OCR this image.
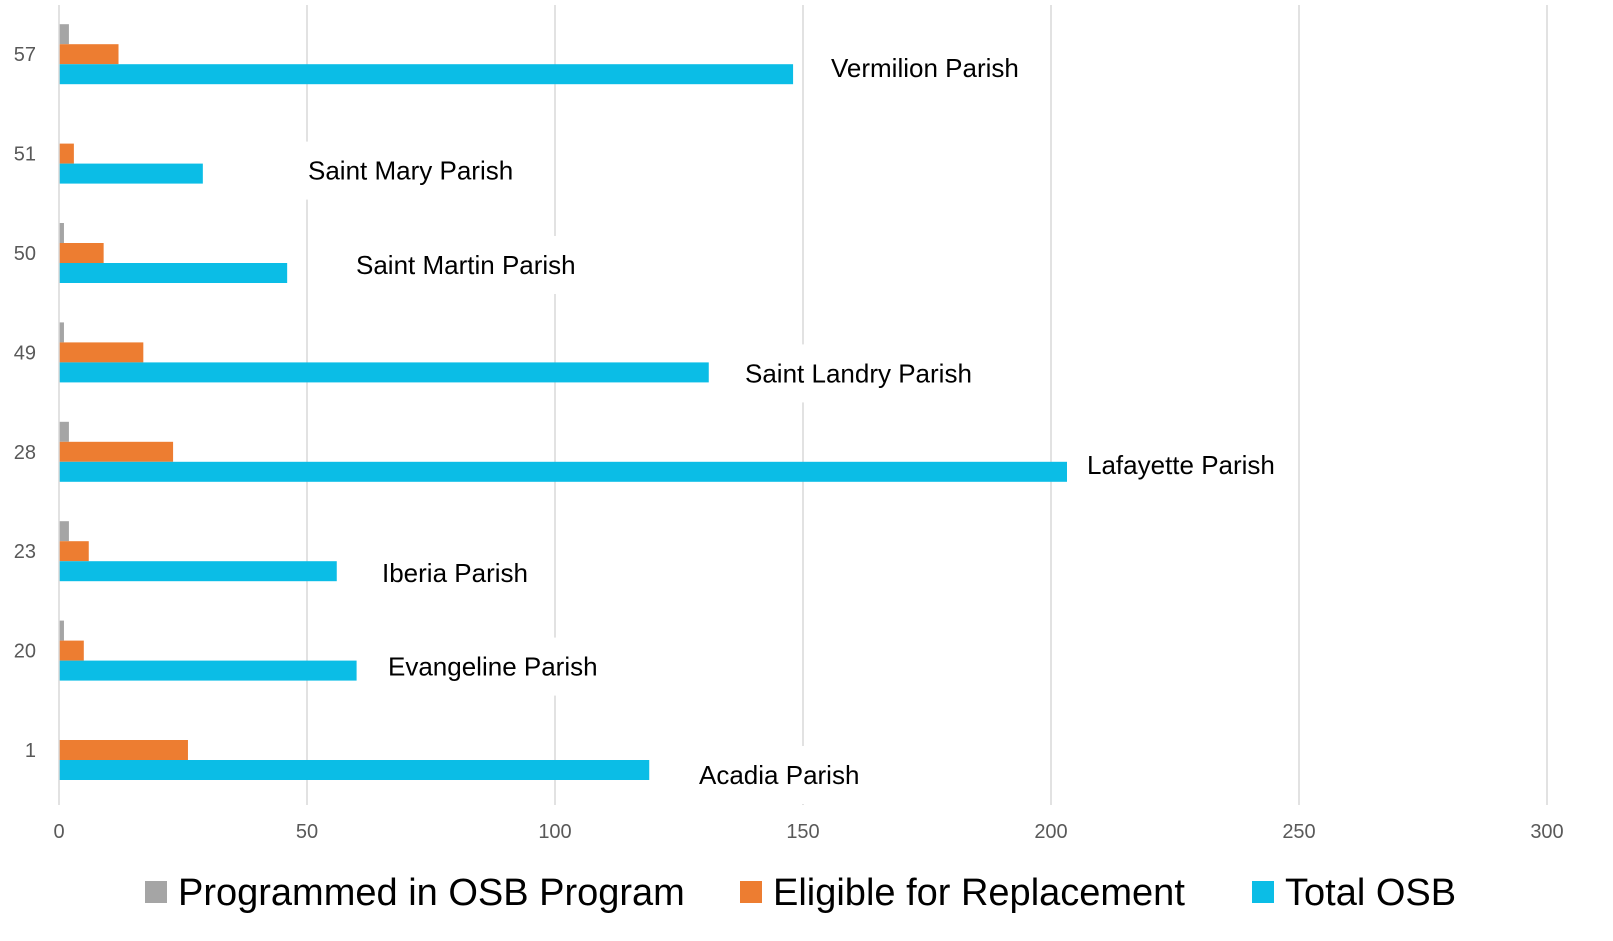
Acadia Parish
Evangeline Parish
Iberia Parish
Lafayette Parish
Saint Landry Parish
Saint Martin Parish
Saint Mary Parish
Vermilion Parish
0	50	100	150	200	250	300
1
20
23
28
49
50
51
57
Programmed in OSB Program Eligible for Replacement	Total OSB
